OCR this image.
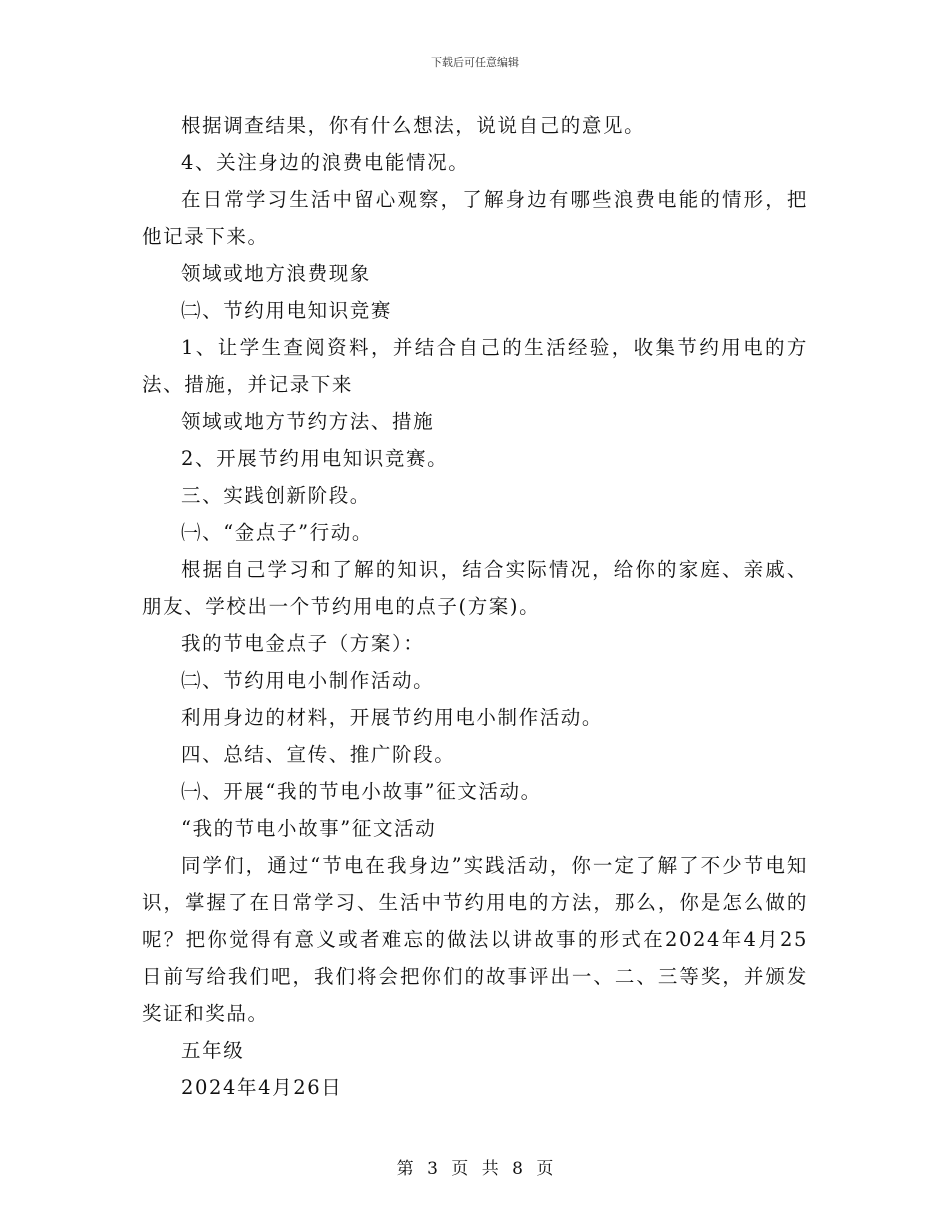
下载后可任意编辑

根据调查结果，你有什么想法，说说自己的意见。

4、关注身边的浪费电能情况。

在日常学习生活中留心观察，了解身边有哪些浪费电能的情形，把他记录下来。

领域或地方浪费现象

㈡、节约用电知识竞赛

1、让学生查阅资料，并结合自己的生活经验，收集节约用电的方法、措施，并记录下来

领域或地方节约方法、措施

2、开展节约用电知识竞赛。

三、实践创新阶段。

㈠、“金点子”行动。

根据自己学习和了解的知识，结合实际情况，给你的家庭、亲戚、朋友、学校出一个节约用电的点子(方案)。

我的节电金点子（方案）：

㈡、节约用电小制作活动。

利用身边的材料，开展节约用电小制作活动。

四、总结、宣传、推广阶段。

㈠、开展“我的节电小故事”征文活动。

“我的节电小故事”征文活动

同学们，通过“节电在我身边”实践活动，你一定了解了不少节电知识，掌握了在日常学习、生活中节约用电的方法，那么，你是怎么做的呢？把你觉得有意义或者难忘的做法以讲故事的形式在2024年4月25日前写给我们吧，我们将会把你们的故事评出一、二、三等奖，并颁发奖证和奖品。

五年级

2024年4月26日

第 3 页 共 8 页
